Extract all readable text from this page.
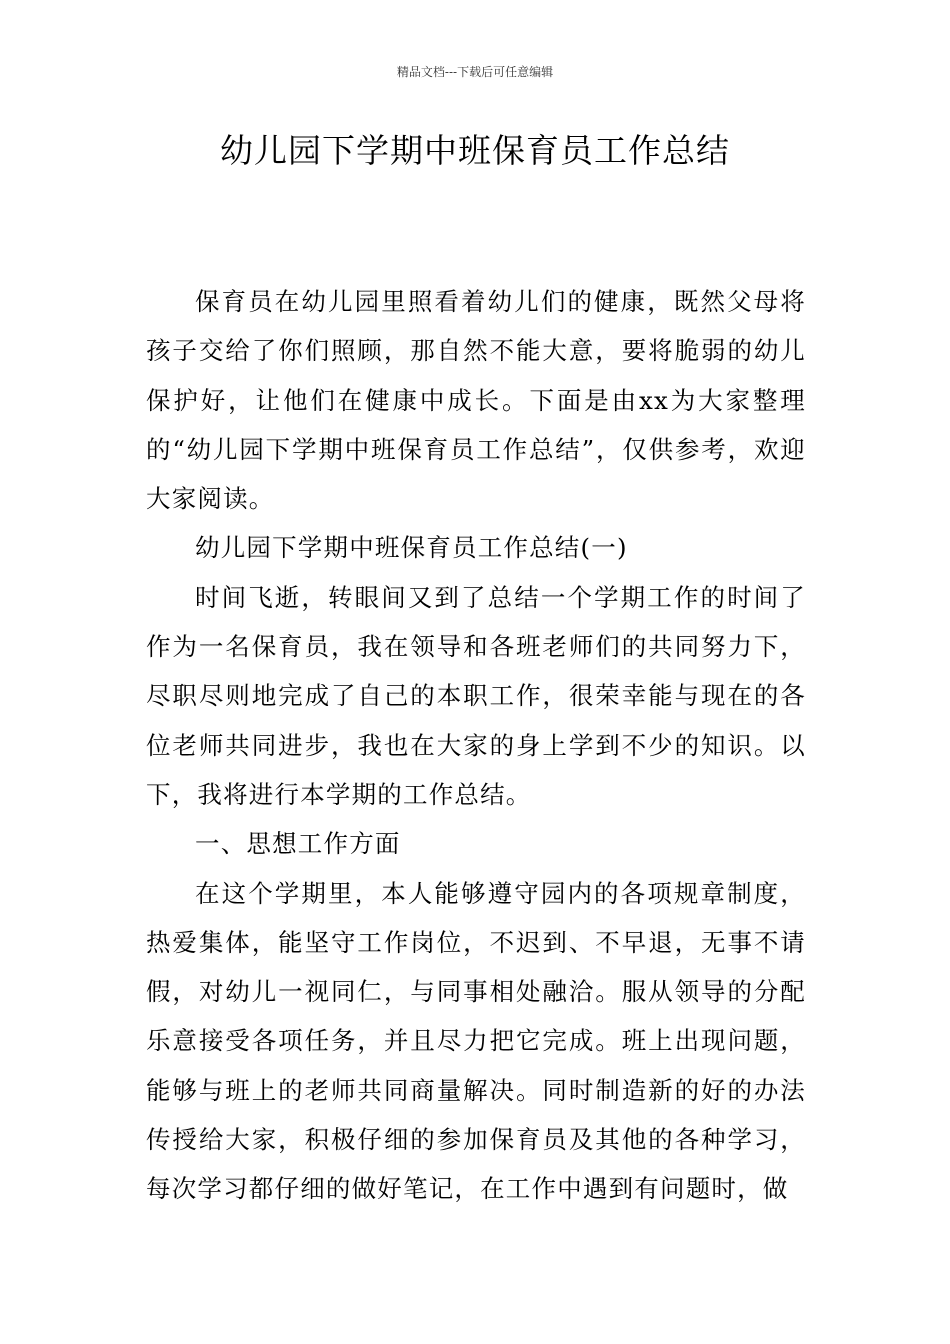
精品文档---下载后可任意编辑
幼儿园下学期中班保育员工作总结

保育员在幼儿园里照看着幼儿们的健康，既然父母将孩子交给了你们照顾，那自然不能大意，要将脆弱的幼儿保护好，让他们在健康中成长。下面是由xx为大家整理的“幼儿园下学期中班保育员工作总结”，仅供参考，欢迎大家阅读。

幼儿园下学期中班保育员工作总结(一)

时间飞逝，转眼间又到了总结一个学期工作的时间了作为一名保育员，我在领导和各班老师们的共同努力下，尽职尽则地完成了自己的本职工作，很荣幸能与现在的各位老师共同进步，我也在大家的身上学到不少的知识。以下，我将进行本学期的工作总结。

一、思想工作方面

在这个学期里，本人能够遵守园内的各项规章制度，热爱集体，能坚守工作岗位，不迟到、不早退，无事不请假，对幼儿一视同仁，与同事相处融洽。服从领导的分配乐意接受各项任务，并且尽力把它完成。班上出现问题，能够与班上的老师共同商量解决。同时制造新的好的办法传授给大家，积极仔细的参加保育员及其他的各种学习，每次学习都仔细的做好笔记，在工作中遇到有问题时，做
